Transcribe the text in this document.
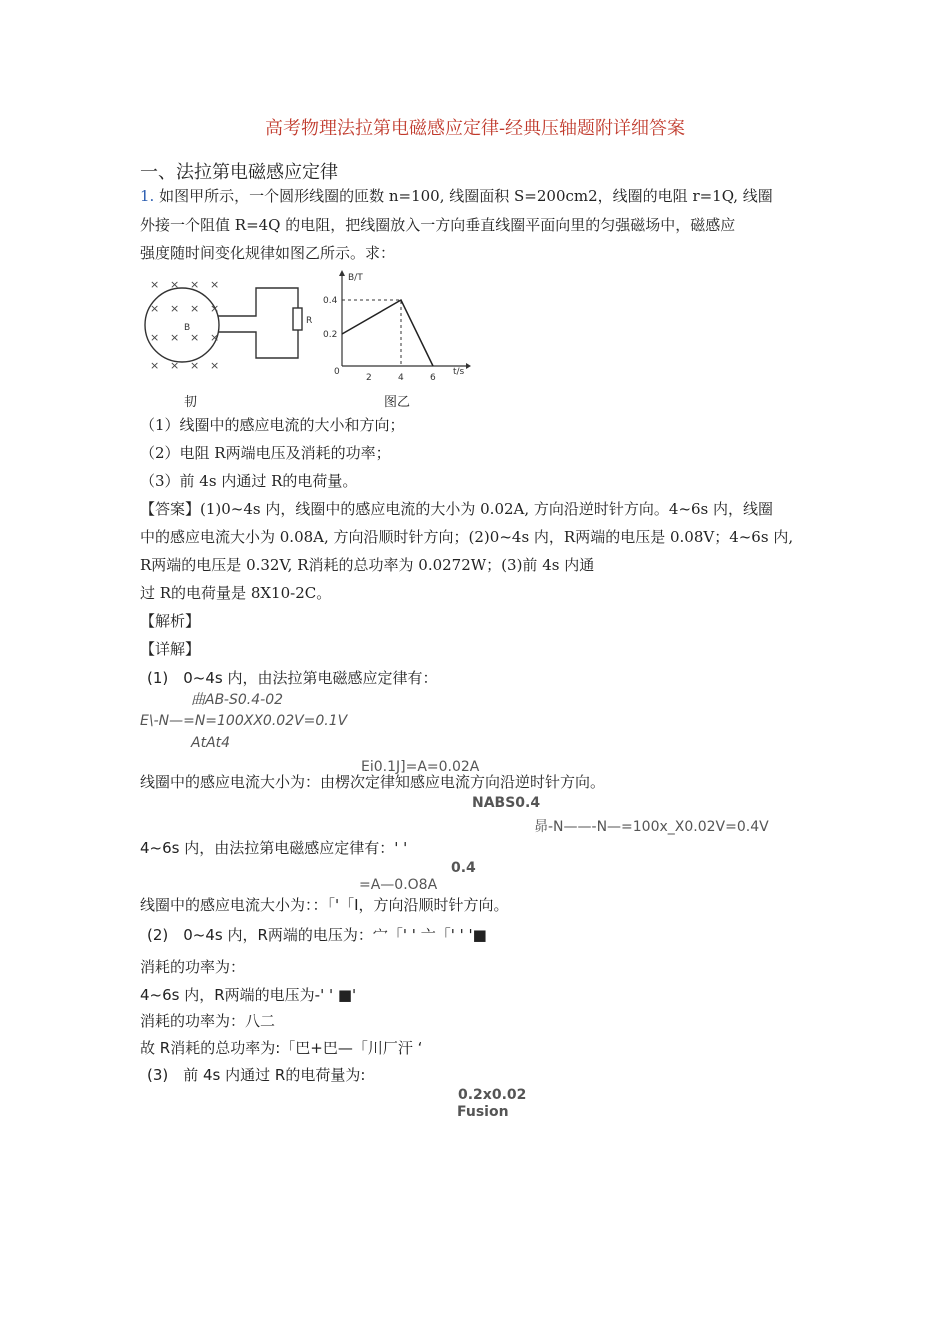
高考物理法拉第电磁感应定律-经典压轴题附详细答案
一、法拉第电磁感应定律
1. 如图甲所示，一个圆形线圈的匝数 n=100, 线圈面积 S=200cm2，线圈的电阻 r=1Q, 线圈
外接一个阻值 R=4Q 的电阻，把线圈放入一方向垂直线圈平面向里的匀强磁场中，磁感应
强度随时间变化规律如图乙所示。求：
× × × ×
× × × ×
× × × ×
× × × ×
B
R
B/T
t/s
0.4
0.2
0
2	4	6
㓞	图乙
（1）线圈中的感应电流的大小和方向；
（2）电阻 R两端电压及消耗的功率；
（3）前 4s 内通过 R的电荷量。
【答案】(1)0~4s 内，线圈中的感应电流的大小为 0.02A, 方向沿逆时针方向。4~6s 内，线圈
中的感应电流大小为 0.08A, 方向沿顺时针方向；(2)0~4s 内，R两端的电压是 0.08V；4~6s 内,
R两端的电压是 0.32V, R消耗的总功率为 0.0272W；(3)前 4s 内通
过 R的电荷量是 8X10-2C。
【解析】
【详解】
(1)　0~4s 内，由法拉第电磁感应定律有：
曲AB-S0.4-02
E\-N—=N=100XX0.02V=0.1V
AtAt4
Ei0.1J]=A=0.02A
线圈中的感应电流大小为：由楞次定律知感应电流方向沿逆时针方向。
NABS0.4
昴-N——-N—=100x_X0.02V=0.4V
4~6s 内，由法拉第电磁感应定律有：' '
0.4
=A—0.O8A
线圈中的感应电流大小为：：「'「I，方向沿顺时针方向。
(2)　0~4s 内，R两端的电压为：宀「' ' 亠「' ' '■
消耗的功率为：
4~6s 内，R两端的电压为-' ' ■'
消耗的功率为：八二
故 R消耗的总功率为:「巴+巴—「川厂汗 ‘
(3)　前 4s 内通过 R的电荷量为:
0.2x0.02
Fusion
